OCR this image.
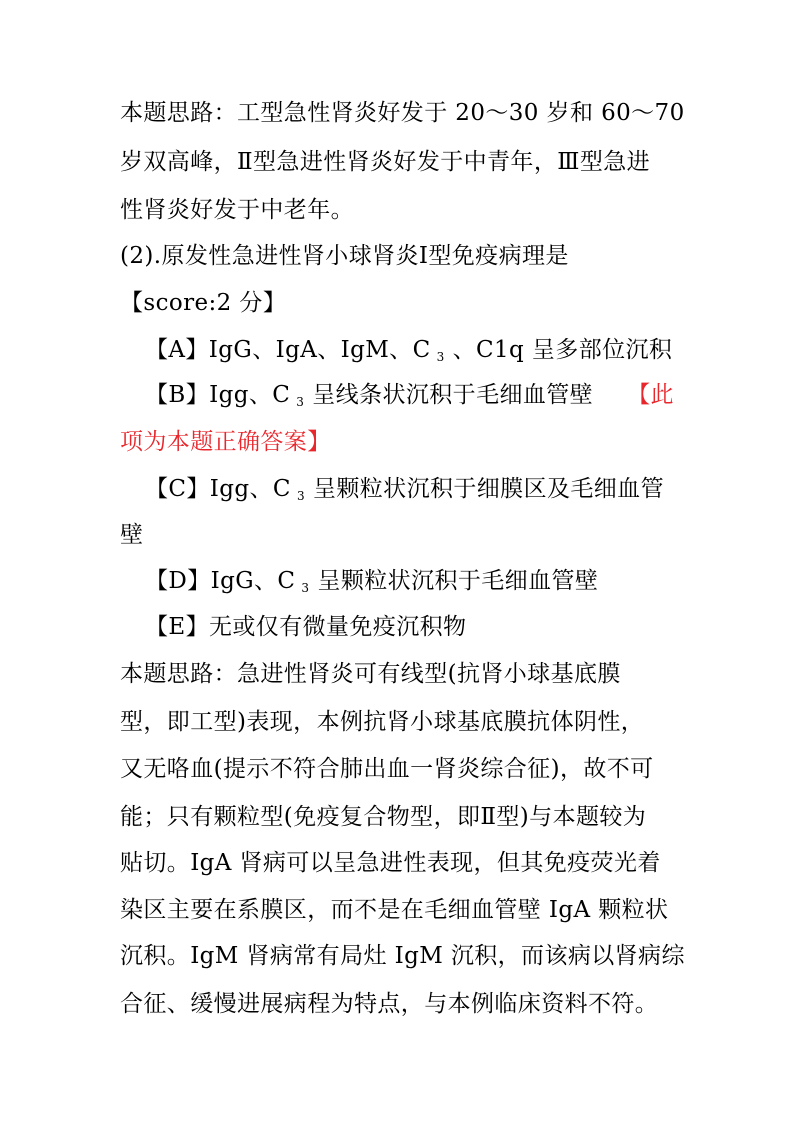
本题思路：工型急性肾炎好发于 20～30 岁和 60～70
岁双高峰，Ⅱ型急进性肾炎好发于中青年，Ⅲ型急进
性肾炎好发于中老年。
(2).原发性急进性肾小球肾炎Ⅰ型免疫病理是
【score:2 分】
【A】IgG、IgA、IgM、C $_3$ 、C1q 呈多部位沉积
【B】Igg、C $_3$ 呈线条状沉积于毛细血管壁 【此
项为本题正确答案】
【C】Igg、C $_3$ 呈颗粒状沉积于细膜区及毛细血管
壁
【D】IgG、C $_3$ 呈颗粒状沉积于毛细血管壁
【E】无或仅有微量免疫沉积物
本题思路：急进性肾炎可有线型(抗肾小球基底膜
型，即工型)表现，本例抗肾小球基底膜抗体阴性，
又无咯血(提示不符合肺出血一肾炎综合征)，故不可
能；只有颗粒型(免疫复合物型，即Ⅱ型)与本题较为
贴切。IgA 肾病可以呈急进性表现，但其免疫荧光着
染区主要在系膜区，而不是在毛细血管壁 IgA 颗粒状
沉积。IgM 肾病常有局灶 IgM 沉积，而该病以肾病综
合征、缓慢进展病程为特点，与本例临床资料不符。
